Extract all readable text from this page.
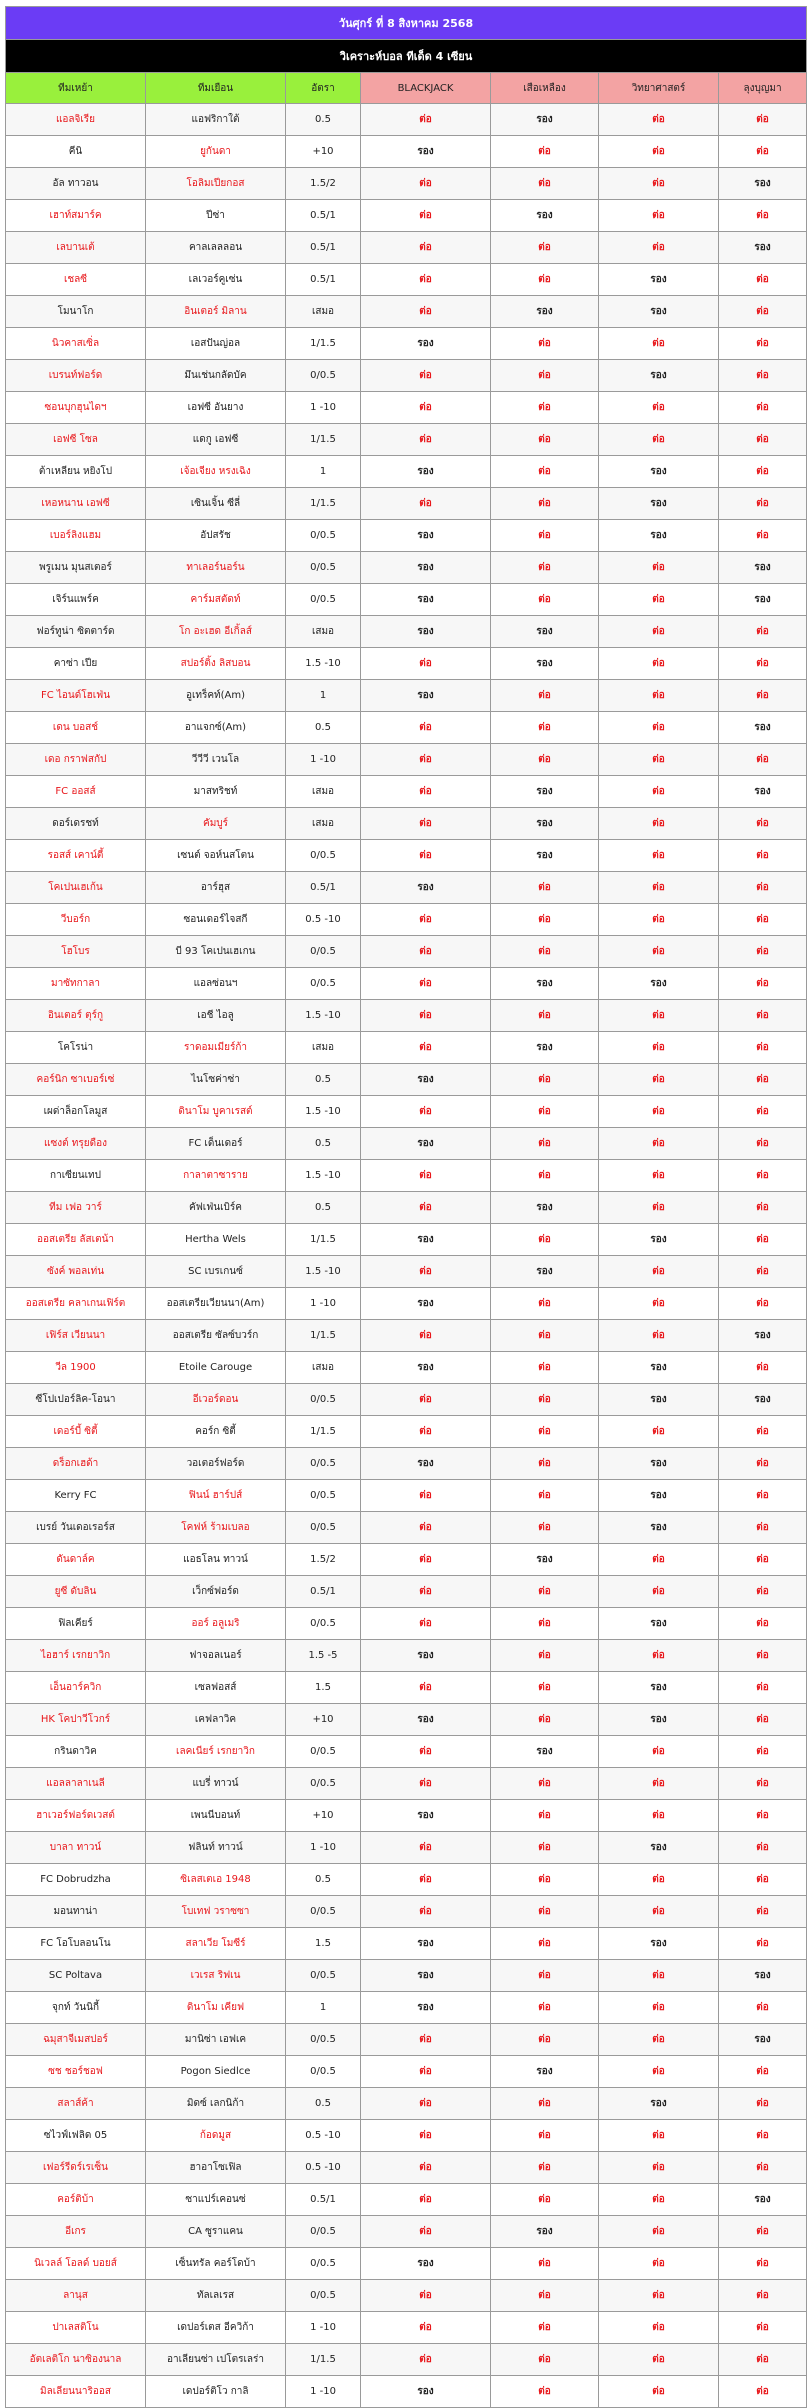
วันศุกร์ ที่ 8 สิงหาคม 2568						
วิเคราะห์บอล ทีเด็ด 4 เซียน						
ทีมเหย้า	ทีมเยือน	อัตรา	BLACKJACK	เสือเหลือง	วิทยาศาสตร์	ลุงบุญมา
แอลจิเรีย	แอฟริกาใต้	0.5	ต่อ	รอง	ต่อ	ต่อ
คีนิ	ยูกันดา	+10	รอง	ต่อ	ต่อ	ต่อ
อัล ทาวอน	โอลิมเปียกอส	1.5/2	ต่อ	ต่อ	ต่อ	รอง
เฮาท์สมาร์ค	ปีซ่า	0.5/1	ต่อ	รอง	ต่อ	ต่อ
เลบานเต้	คาลเลลลอน	0.5/1	ต่อ	ต่อ	ต่อ	รอง
เชลซี	เลเวอร์คูเซ่น	0.5/1	ต่อ	ต่อ	รอง	ต่อ
โมนาโก	อินเตอร์ มิลาน	เสมอ	ต่อ	รอง	รอง	ต่อ
นิวคาสเซิ่ล	เอสปันญ่อล	1/1.5	รอง	ต่อ	ต่อ	ต่อ
เบรนท์ฟอร์ด	มึนเช่นกลัดบัค	0/0.5	ต่อ	ต่อ	รอง	ต่อ
ซอนบุกฮุนไดฯ	เอฟซี อันยาง	1 -10	ต่อ	ต่อ	ต่อ	ต่อ
เอฟซี โซล	แดกู เอฟซี	1/1.5	ต่อ	ต่อ	ต่อ	ต่อ
ต้าเหลียน หยิงโป	เจ้อเจียง หรงเฉิง	1	รอง	ต่อ	รอง	ต่อ
เหอหนาน เอฟซี	เซินเจิ้น ซีลี่	1/1.5	ต่อ	ต่อ	รอง	ต่อ
เบอร์ลิงแฮม	อัปสรัช	0/0.5	รอง	ต่อ	รอง	ต่อ
พรูเมน มุนสเตอร์	ทาเลอร์นอร์น	0/0.5	รอง	ต่อ	ต่อ	รอง
เจิร์นแพร์ค	คาร์มสตัดท์	0/0.5	รอง	ต่อ	ต่อ	รอง
ฟอร์ทูน่า ซิตตาร์ด	โก อะเฮด อีเกิ้ลส์	เสมอ	รอง	รอง	ต่อ	ต่อ
คาซ่า เปีย	สปอร์ติ้ง ลิสบอน	1.5 -10	ต่อ	รอง	ต่อ	ต่อ
FC ไอนด์โฮเฟ่น	อูเทร็คท์(Am)	1	รอง	ต่อ	ต่อ	ต่อ
เดน บอสช์	อาแจกซ์(Am)	0.5	ต่อ	ต่อ	ต่อ	รอง
เดอ กราฟสกัป	วีวีวี เวนโล	1 -10	ต่อ	ต่อ	ต่อ	ต่อ
FC ออสส์	มาสทริชท์	เสมอ	ต่อ	รอง	ต่อ	รอง
ดอร์เดรชท์	คัมบูร์	เสมอ	ต่อ	รอง	ต่อ	ต่อ
รอสส์ เคาน์ตี้	เซนต์ จอห์นสโตน	0/0.5	ต่อ	รอง	ต่อ	ต่อ
โคเปนเฮเก้น	อาร์ฮุส	0.5/1	รอง	ต่อ	ต่อ	ต่อ
วีบอร์ก	ซอนเดอร์ไจสกี	0.5 -10	ต่อ	ต่อ	ต่อ	ต่อ
โฮโบร	บี 93 โคเปนเฮเกน	0/0.5	ต่อ	ต่อ	ต่อ	ต่อ
มาซัทกาลา	แอลซ่อนฯ	0/0.5	ต่อ	รอง	รอง	ต่อ
อินเตอร์ ตุร์กู	เอชี ไอลู	1.5 -10	ต่อ	ต่อ	ต่อ	ต่อ
โคโรน่า	ราดอมเมียร์ก้า	เสมอ	ต่อ	รอง	ต่อ	ต่อ
คอร์นิก ซาเบอร์เซ่	ไนโซค่าซ่า	0.5	รอง	ต่อ	ต่อ	ต่อ
เผด่าล็อกโลมูส	ดินาโม บูคาเรสต์	1.5 -10	ต่อ	ต่อ	ต่อ	ต่อ
แซงต์ ทรุยดือง	FC เด็นเดอร์	0.5	รอง	ต่อ	ต่อ	ต่อ
กาเซียนเทป	กาลาตาซาราย	1.5 -10	ต่อ	ต่อ	ต่อ	ต่อ
ทีม เฟอ วาร์	คัฟเฟ่นเบิร์ค	0.5	ต่อ	รอง	ต่อ	ต่อ
ออสเตรีย ลัสเตน้า	Hertha Wels	1/1.5	รอง	ต่อ	รอง	ต่อ
ซังค์ พอลเท่น	SC เบรเกนซ์	1.5 -10	ต่อ	รอง	ต่อ	ต่อ
ออสเตรีย คลาเกนเฟิร์ต	ออสเตรียเวียนนา(Am)	1 -10	รอง	ต่อ	ต่อ	ต่อ
เฟิร์ส เวียนนา	ออสเตรีย ซัลซ์บวร์ก	1/1.5	ต่อ	ต่อ	ต่อ	รอง
วีล 1900	Etoile Carouge	เสมอ	รอง	ต่อ	รอง	ต่อ
ซีโปเปอร์ลิค-โอนา	อีเวอร์ดอน	0/0.5	ต่อ	ต่อ	รอง	รอง
เดอร์บี้ ซิตี้	คอร์ก ซิตี้	1/1.5	ต่อ	ต่อ	ต่อ	ต่อ
ดร็อกเฮด้า	วอเตอร์ฟอร์ด	0/0.5	รอง	ต่อ	รอง	ต่อ
Kerry FC	ฟินน์ ฮาร์ปส์	0/0.5	ต่อ	ต่อ	รอง	ต่อ
เบรย์ วันเดอเรอร์ส	โคฟห์ ร้ามเบลอ	0/0.5	ต่อ	ต่อ	รอง	ต่อ
ดันดาล์ค	แอธโลน ทาวน์	1.5/2	ต่อ	รอง	ต่อ	ต่อ
ยูซี ดับลิน	เว็กซ์ฟอร์ด	0.5/1	ต่อ	ต่อ	ต่อ	ต่อ
ฟิลเคียร์	ออร์ อลูเมริ	0/0.5	ต่อ	ต่อ	รอง	ต่อ
ไอฮาร์ เรกยาวิก	ฟาจอลเนอร์	1.5 -5	รอง	ต่อ	ต่อ	ต่อ
เอ็นอาร์ควิก	เซลฟอสส์	1.5	ต่อ	ต่อ	รอง	ต่อ
HK โคปาวีโวกร์	เคฟลาวิค	+10	รอง	ต่อ	รอง	ต่อ
กรินดาวิค	เลคเนียร์ เรกยาวิก	0/0.5	ต่อ	รอง	ต่อ	ต่อ
แอลลาลาเนลี	แบรี่ ทาวน์	0/0.5	ต่อ	ต่อ	ต่อ	ต่อ
ฮาเวอร์ฟอร์ดเวสต์	เพนนีบอนท์	+10	รอง	ต่อ	ต่อ	ต่อ
บาลา ทาวน์	ฟลินท์ ทาวน์	1 -10	ต่อ	ต่อ	รอง	ต่อ
FC Dobrudzha	ซิเลสเตเอ 1948	0.5	ต่อ	ต่อ	ต่อ	ต่อ
มอนทาน่า	โบเทฟ วราซซา	0/0.5	ต่อ	ต่อ	ต่อ	ต่อ
FC โอโบลอนโน	สลาเวีย โมซีร์	1.5	รอง	ต่อ	รอง	ต่อ
SC Poltava	เวเรส ริฟเน	0/0.5	รอง	ต่อ	ต่อ	รอง
จุกท์ วันนิกี้	ดินาโม เคียฟ	1	รอง	ต่อ	ต่อ	ต่อ
ฉมุสาจีเมสปอร์	มานิซ่า เอฟเค	0/0.5	ต่อ	ต่อ	ต่อ	รอง
ซช ชอร์ชอฟ	Pogon Siedlce	0/0.5	ต่อ	รอง	ต่อ	ต่อ
สลาส์ค้า	มิดซ์ เลกนิก้า	0.5	ต่อ	ต่อ	รอง	ต่อ
ซไวฟ์เฟลิด 05	ก้อดมูส	0.5 -10	ต่อ	ต่อ	ต่อ	ต่อ
เฟอร์รีดร์เรเซ็น	ฮาอาโซเฟิล	0.5 -10	ต่อ	ต่อ	ต่อ	ต่อ
คอร์ติบ้า	ซาแปร์เคอนซ่	0.5/1	ต่อ	ต่อ	ต่อ	รอง
อีเกร	CA ซูราแคน	0/0.5	ต่อ	รอง	ต่อ	ต่อ
นิเวลล์ โอลด์ บอยส์	เซ็นทรัล คอร์โดบ้า	0/0.5	รอง	ต่อ	ต่อ	ต่อ
ลานุส	ทัลเลเรส	0/0.5	ต่อ	ต่อ	ต่อ	ต่อ
ปาเลสติโน	เดปอร์เตส อีควิก้า	1 -10	ต่อ	ต่อ	ต่อ	ต่อ
อัตเลติโก นาซิองนาล	อาเลียนซ่า เปโตรเลร่า	1/1.5	ต่อ	ต่อ	ต่อ	ต่อ
มิลเลียนนาริออส	เดปอร์ติโว กาลิ	1 -10	รอง	ต่อ	ต่อ	ต่อ
